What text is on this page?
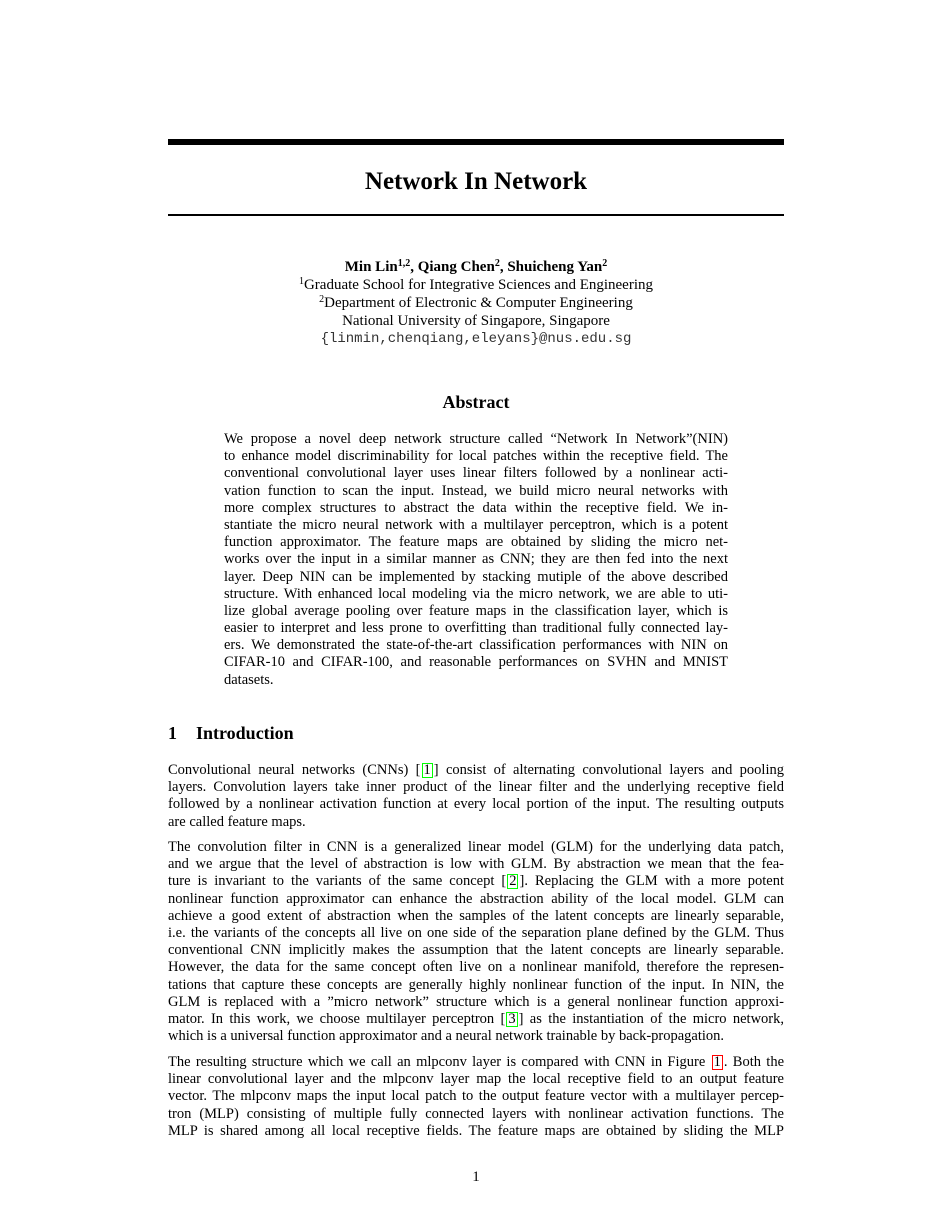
Network In Network
Min Lin$^{1,2}$, Qiang Chen$^2$, Shuicheng Yan$^2$
$^1$Graduate School for Integrative Sciences and Engineering
$^2$Department of Electronic & Computer Engineering
National University of Singapore, Singapore
{linmin,chenqiang,eleyans}@nus.edu.sg
Abstract
We propose a novel deep network structure called “Network In Network”(NIN)
to enhance model discriminability for local patches within the receptive field. The
conventional convolutional layer uses linear filters followed by a nonlinear acti-
vation function to scan the input. Instead, we build micro neural networks with
more complex structures to abstract the data within the receptive field. We in-
stantiate the micro neural network with a multilayer perceptron, which is a potent
function approximator. The feature maps are obtained by sliding the micro net-
works over the input in a similar manner as CNN; they are then fed into the next
layer. Deep NIN can be implemented by stacking mutiple of the above described
structure. With enhanced local modeling via the micro network, we are able to uti-
lize global average pooling over feature maps in the classification layer, which is
easier to interpret and less prone to overfitting than traditional fully connected lay-
ers. We demonstrated the state-of-the-art classification performances with NIN on
CIFAR-10 and CIFAR-100, and reasonable performances on SVHN and MNIST
datasets.
1 Introduction
Convolutional neural networks (CNNs) [ 1 ] consist of alternating convolutional layers and pooling
layers. Convolution layers take inner product of the linear filter and the underlying receptive field
followed by a nonlinear activation function at every local portion of the input. The resulting outputs
are called feature maps.
The convolution filter in CNN is a generalized linear model (GLM) for the underlying data patch,
and we argue that the level of abstraction is low with GLM. By abstraction we mean that the fea-
ture is invariant to the variants of the same concept [ 2 ]. Replacing the GLM with a more potent
nonlinear function approximator can enhance the abstraction ability of the local model. GLM can
achieve a good extent of abstraction when the samples of the latent concepts are linearly separable,
i.e. the variants of the concepts all live on one side of the separation plane defined by the GLM. Thus
conventional CNN implicitly makes the assumption that the latent concepts are linearly separable.
However, the data for the same concept often live on a nonlinear manifold, therefore the represen-
tations that capture these concepts are generally highly nonlinear function of the input. In NIN, the
GLM is replaced with a ”micro network” structure which is a general nonlinear function approxi-
mator. In this work, we choose multilayer perceptron [ 3 ] as the instantiation of the micro network,
which is a universal function approximator and a neural network trainable by back-propagation.
The resulting structure which we call an mlpconv layer is compared with CNN in Figure 1 . Both the
linear convolutional layer and the mlpconv layer map the local receptive field to an output feature
vector. The mlpconv maps the input local patch to the output feature vector with a multilayer percep-
tron (MLP) consisting of multiple fully connected layers with nonlinear activation functions. The
MLP is shared among all local receptive fields. The feature maps are obtained by sliding the MLP
1
